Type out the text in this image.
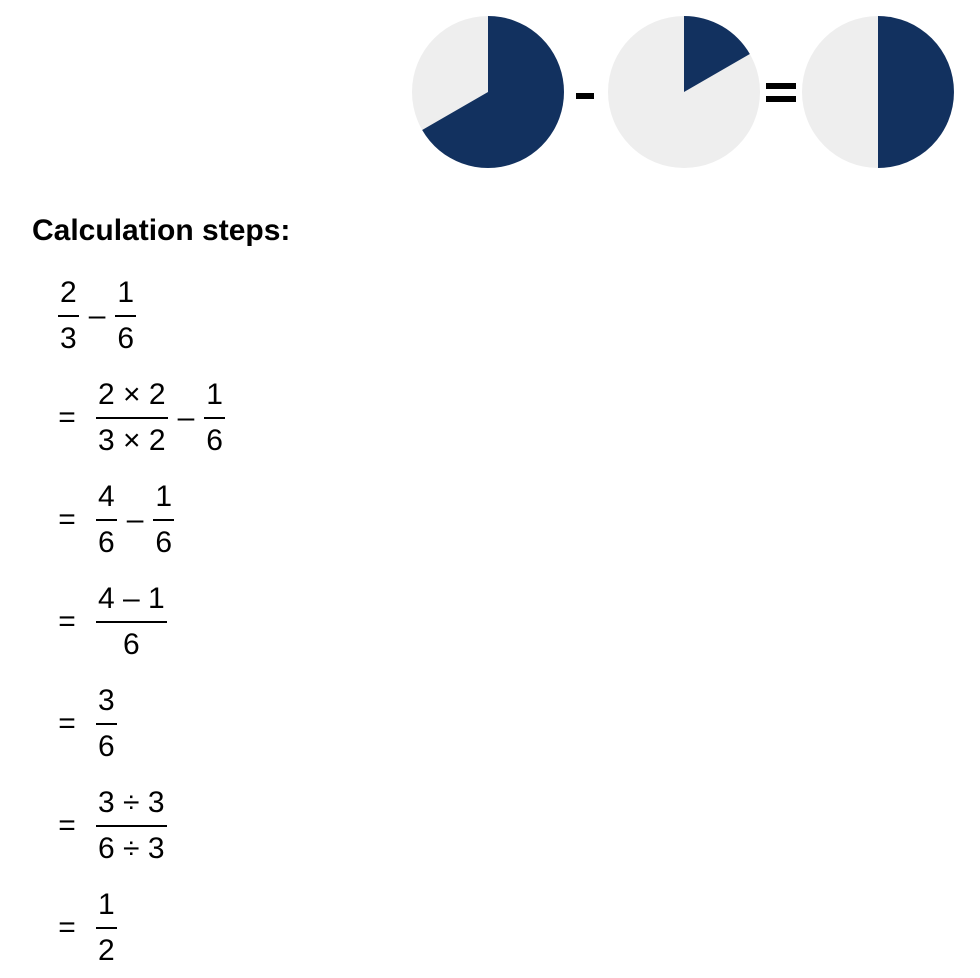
Calculation steps:
$\frac{2}{3} - \frac{1}{6}$
= $\frac{2 \times 2}{3 \times 2} - \frac{1}{6}$
= $\frac{4}{6} - \frac{1}{6}$
= $\frac{4 - 1}{6}$
= $\frac{3}{6}$
= $\frac{3 \div 3}{6 \div 3}$
= $\frac{1}{2}$
